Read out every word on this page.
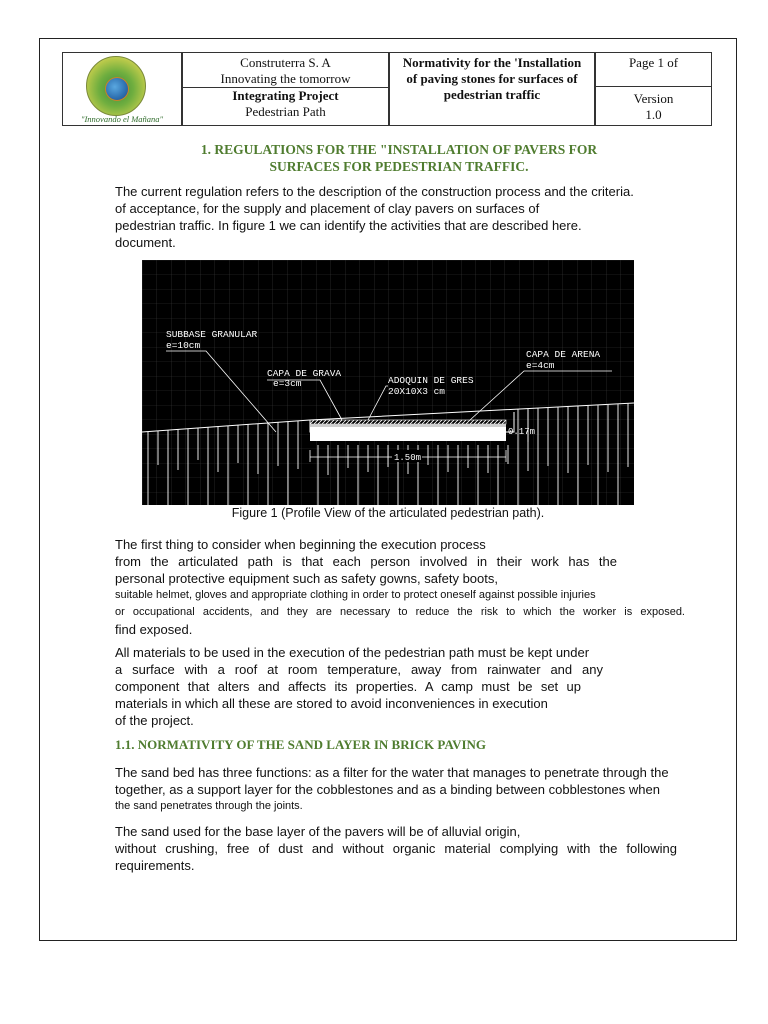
"Innovando el Mañana"
Construterra S. A
Innovating the tomorrow
Integrating Project
Pedestrian Path
Normativity for the 'Installation
of paving stones for surfaces of
pedestrian traffic
Page 1 of
Version
1.0
1. REGULATIONS FOR THE "INSTALLATION OF PAVERS FOR
SURFACES FOR PEDESTRIAN TRAFFIC.
The current regulation refers to the description of the construction process and the criteria.
of acceptance, for the supply and placement of clay pavers on surfaces of
pedestrian traffic. In figure 1 we can identify the activities that are described here.
document.
0.17m
1.50m
SUBBASE GRANULAR
e=10cm
CAPA DE GRAVA
e=3cm	ADOQUIN DE GRES
20X10X3 cm
CAPA DE ARENA
e=4cm
Figure 1 (Profile View of the articulated pedestrian path).
The first thing to consider when beginning the execution process
from the articulated path is that each person involved in their work has the
personal protective equipment such as safety gowns, safety boots,
suitable helmet, gloves and appropriate clothing in order to protect oneself against possible injuries
or occupational accidents, and they are necessary to reduce the risk to which the worker is exposed.
find exposed.
All materials to be used in the execution of the pedestrian path must be kept under
a surface with a roof at room temperature, away from rainwater and any
component that alters and affects its properties. A camp must be set up
materials in which all these are stored to avoid inconveniences in execution
of the project.
1.1. NORMATIVITY OF THE SAND LAYER IN BRICK PAVING
The sand bed has three functions: as a filter for the water that manages to penetrate through the
together, as a support layer for the cobblestones and as a binding between cobblestones when
the sand penetrates through the joints.
The sand used for the base layer of the pavers will be of alluvial origin,
without crushing, free of dust and without organic material complying with the following
requirements.
